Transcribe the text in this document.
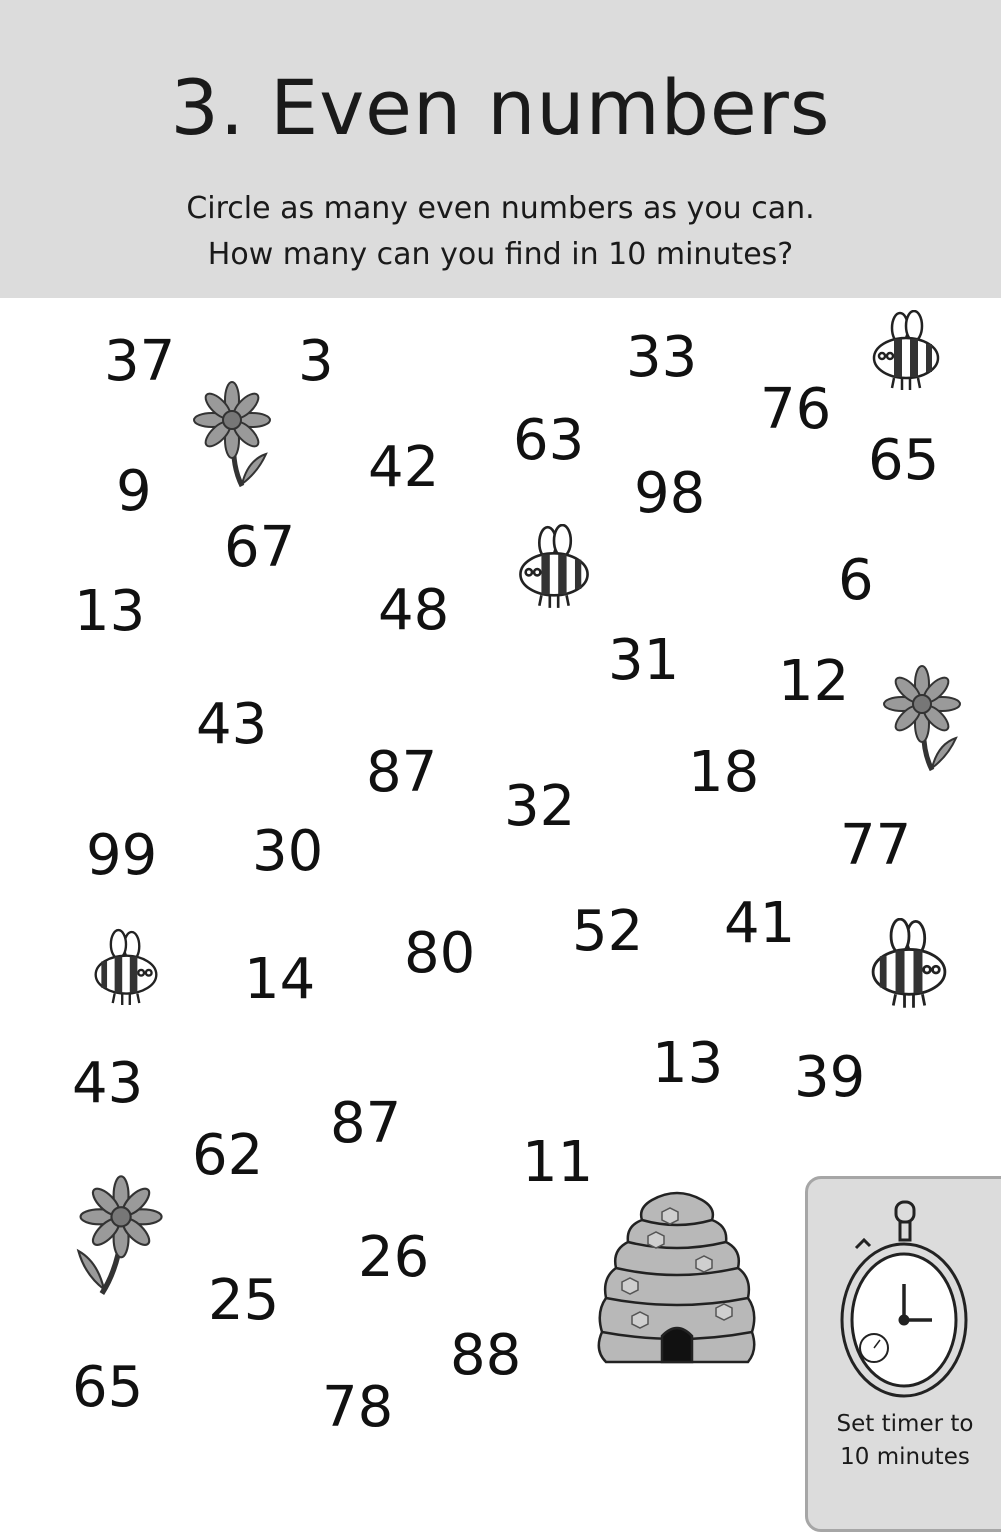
3. Even numbers
Circle as many even numbers as you can.
How many can you find in 10 minutes?
37 3	33
76
65
9	42 63
98
67
13	48	6
31 12
43
87
32
18
99 30	77
52 41
80
14
13 39
43
87
62	11
26
25
88
65	78	Set timer to
10 minutes
